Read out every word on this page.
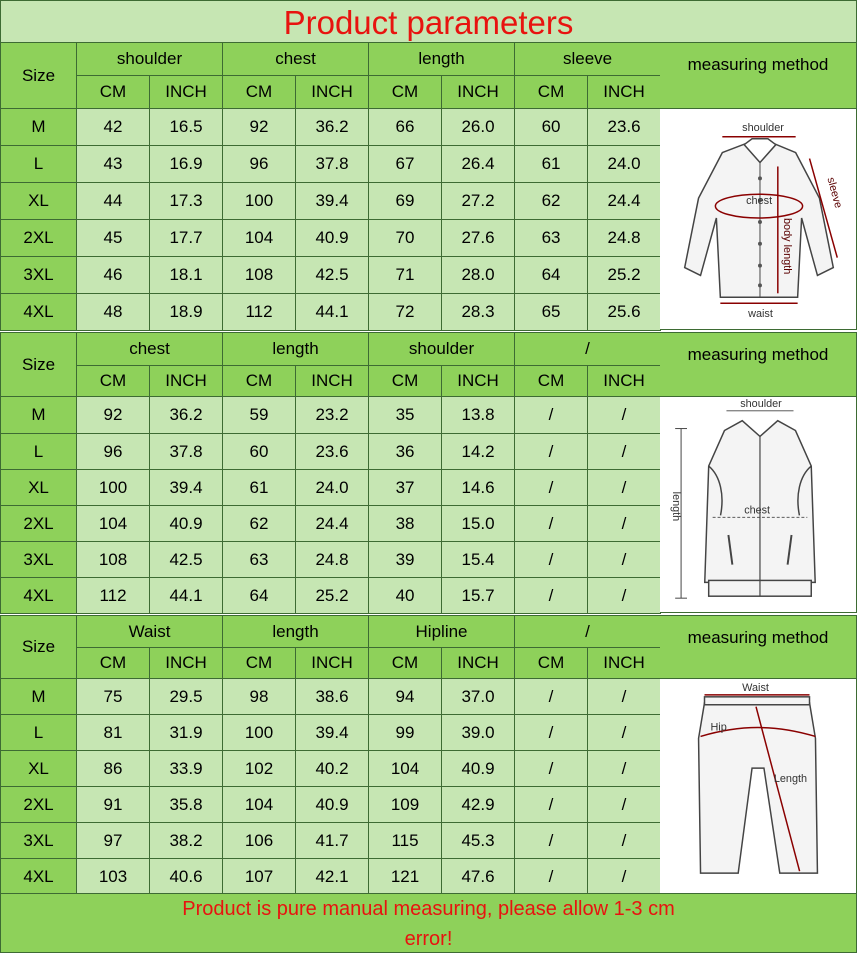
Product parameters
Size	shoulder		chest		length		sleeve	
	CM	INCH	CM	INCH	CM	INCH	CM	INCH
M	42	16.5	92	36.2	66	26.0	60	23.6
L	43	16.9	96	37.8	67	26.4	61	24.0
XL	44	17.3	100	39.4	69	27.2	62	24.4
2XL	45	17.7	104	40.9	70	27.6	63	24.8
3XL	46	18.1	108	42.5	71	28.0	64	25.2
4XL	48	18.9	112	44.1	72	28.3	65	25.6
measuring method
shoulder
chest	sleeve
body length
waist
Size	chest		length		shoulder		/	
	CM	INCH	CM	INCH	CM	INCH	CM	INCH
M	92	36.2	59	23.2	35	13.8	/	/
L	96	37.8	60	23.6	36	14.2	/	/
XL	100	39.4	61	24.0	37	14.6	/	/
2XL	104	40.9	62	24.4	38	15.0	/	/
3XL	108	42.5	63	24.8	39	15.4	/	/
4XL	112	44.1	64	25.2	40	15.7	/	/
measuring method
shoulder
chest
length
Size	Waist		length		Hipline		/	
	CM	INCH	CM	INCH	CM	INCH	CM	INCH
M	75	29.5	98	38.6	94	37.0	/	/
L	81	31.9	100	39.4	99	39.0	/	/
XL	86	33.9	102	40.2	104	40.9	/	/
2XL	91	35.8	104	40.9	109	42.9	/	/
3XL	97	38.2	106	41.7	115	45.3	/	/
4XL	103	40.6	107	42.1	121	47.6	/	/
measuring method
Waist
Hip
Length
Product is pure manual measuring, please allow 1-3 cm error!
